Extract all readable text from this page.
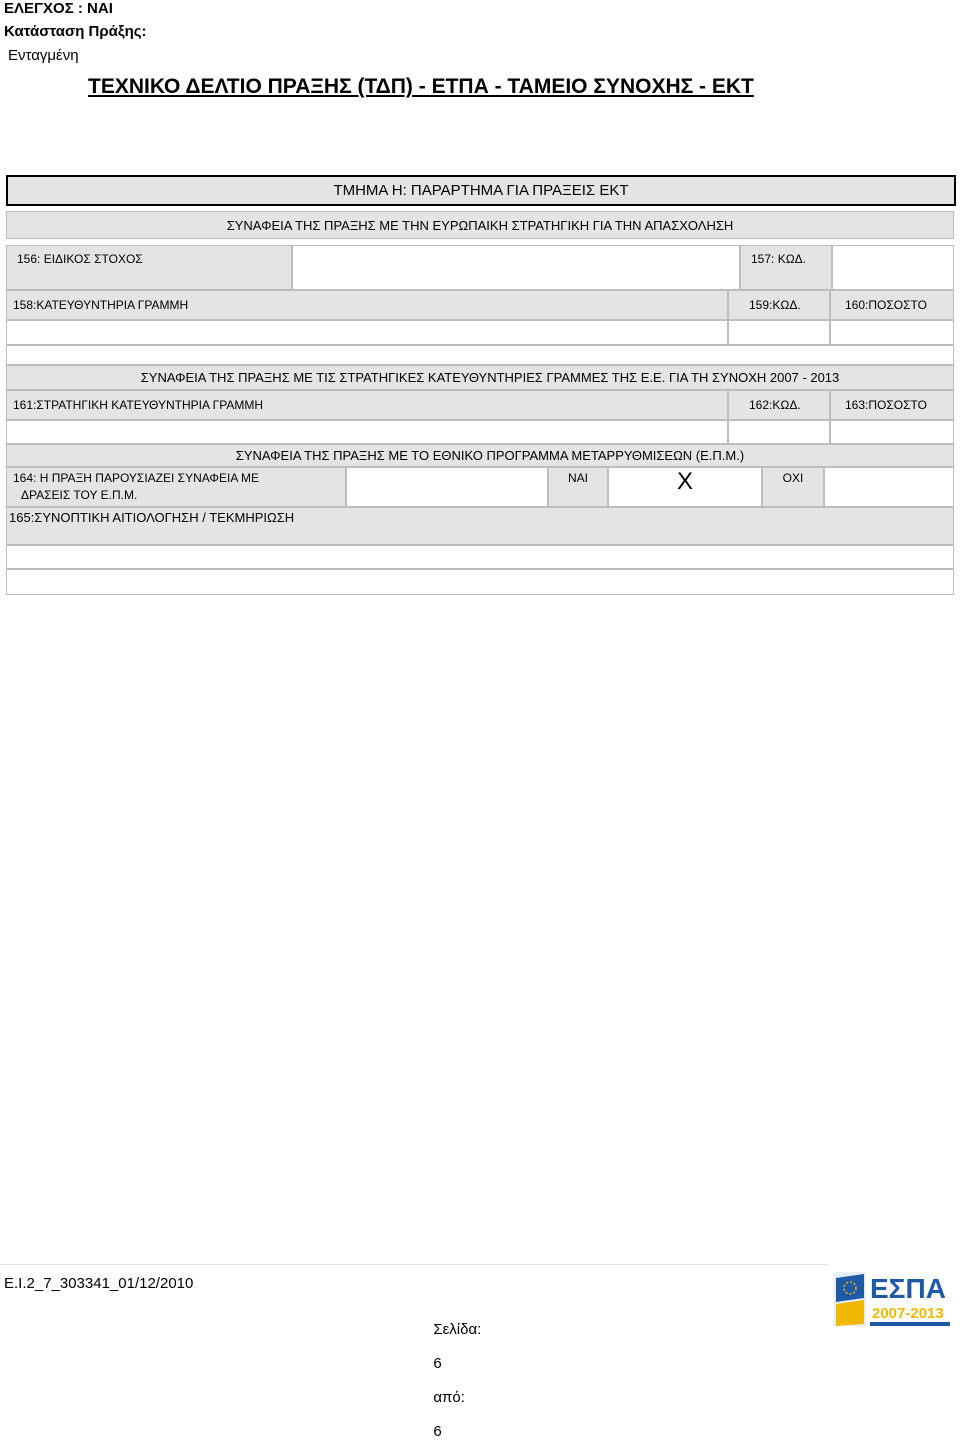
ΕΛΕΓΧΟΣ : ΝΑΙ
Κατάσταση Πράξης:
Ενταγμένη
ΤΕΧΝΙΚΟ ΔΕΛΤΙΟ ΠΡΑΞΗΣ (ΤΔΠ) - ΕΤΠΑ - ΤΑΜΕΙΟ ΣΥΝΟΧΗΣ - ΕΚΤ
ΤΜΗΜΑ Η: ΠΑΡΑΡΤΗΜΑ ΓΙΑ ΠΡΑΞΕΙΣ ΕΚΤ
ΣΥΝΑΦΕΙΑ ΤΗΣ ΠΡΑΞΗΣ ΜΕ ΤΗΝ ΕΥΡΩΠΑΙΚΗ ΣΤΡΑΤΗΓΙΚΗ ΓΙΑ ΤΗΝ ΑΠΑΣΧΟΛΗΣΗ
156: ΕΙΔΙΚΟΣ ΣΤΟΧΟΣ	157: ΚΩΔ.
158:ΚΑΤΕΥΘΥΝΤΗΡΙΑ ΓΡΑΜΜΗ	159:ΚΩΔ.	160:ΠΟΣΟΣΤΟ
ΣΥΝΑΦΕΙΑ ΤΗΣ ΠΡΑΞΗΣ ΜΕ ΤΙΣ ΣΤΡΑΤΗΓΙΚΕΣ ΚΑΤΕΥΘΥΝΤΗΡΙΕΣ ΓΡΑΜΜΕΣ ΤΗΣ Ε.Ε. ΓΙΑ ΤΗ ΣΥΝΟΧΗ 2007 - 2013
161:ΣΤΡΑΤΗΓΙΚΗ ΚΑΤΕΥΘΥΝΤΗΡΙΑ ΓΡΑΜΜΗ	162:ΚΩΔ.	163:ΠΟΣΟΣΤΟ
ΣΥΝΑΦΕΙΑ ΤΗΣ ΠΡΑΞΗΣ ΜΕ ΤΟ ΕΘΝΙΚΟ ΠΡΟΓΡΑΜΜΑ ΜΕΤΑΡΡΥΘΜΙΣΕΩΝ (Ε.Π.Μ.)
164: Η ΠΡΑΞΗ ΠΑΡΟΥΣΙΑΖΕΙ ΣΥΝΑΦΕΙΑ ΜΕ
ΔΡΑΣΕΙΣ ΤΟΥ Ε.Π.Μ.
ΝΑΙ	X	ΟΧΙ
165:ΣΥΝΟΠΤΙΚΗ ΑΙΤΙΟΛΟΓΗΣΗ / ΤΕΚΜΗΡΙΩΣΗ
Ε.Ι.2_7_303341_01/12/2010

Σελίδα:

6

από:

6

ΕΣΠΑ
2007-2013
